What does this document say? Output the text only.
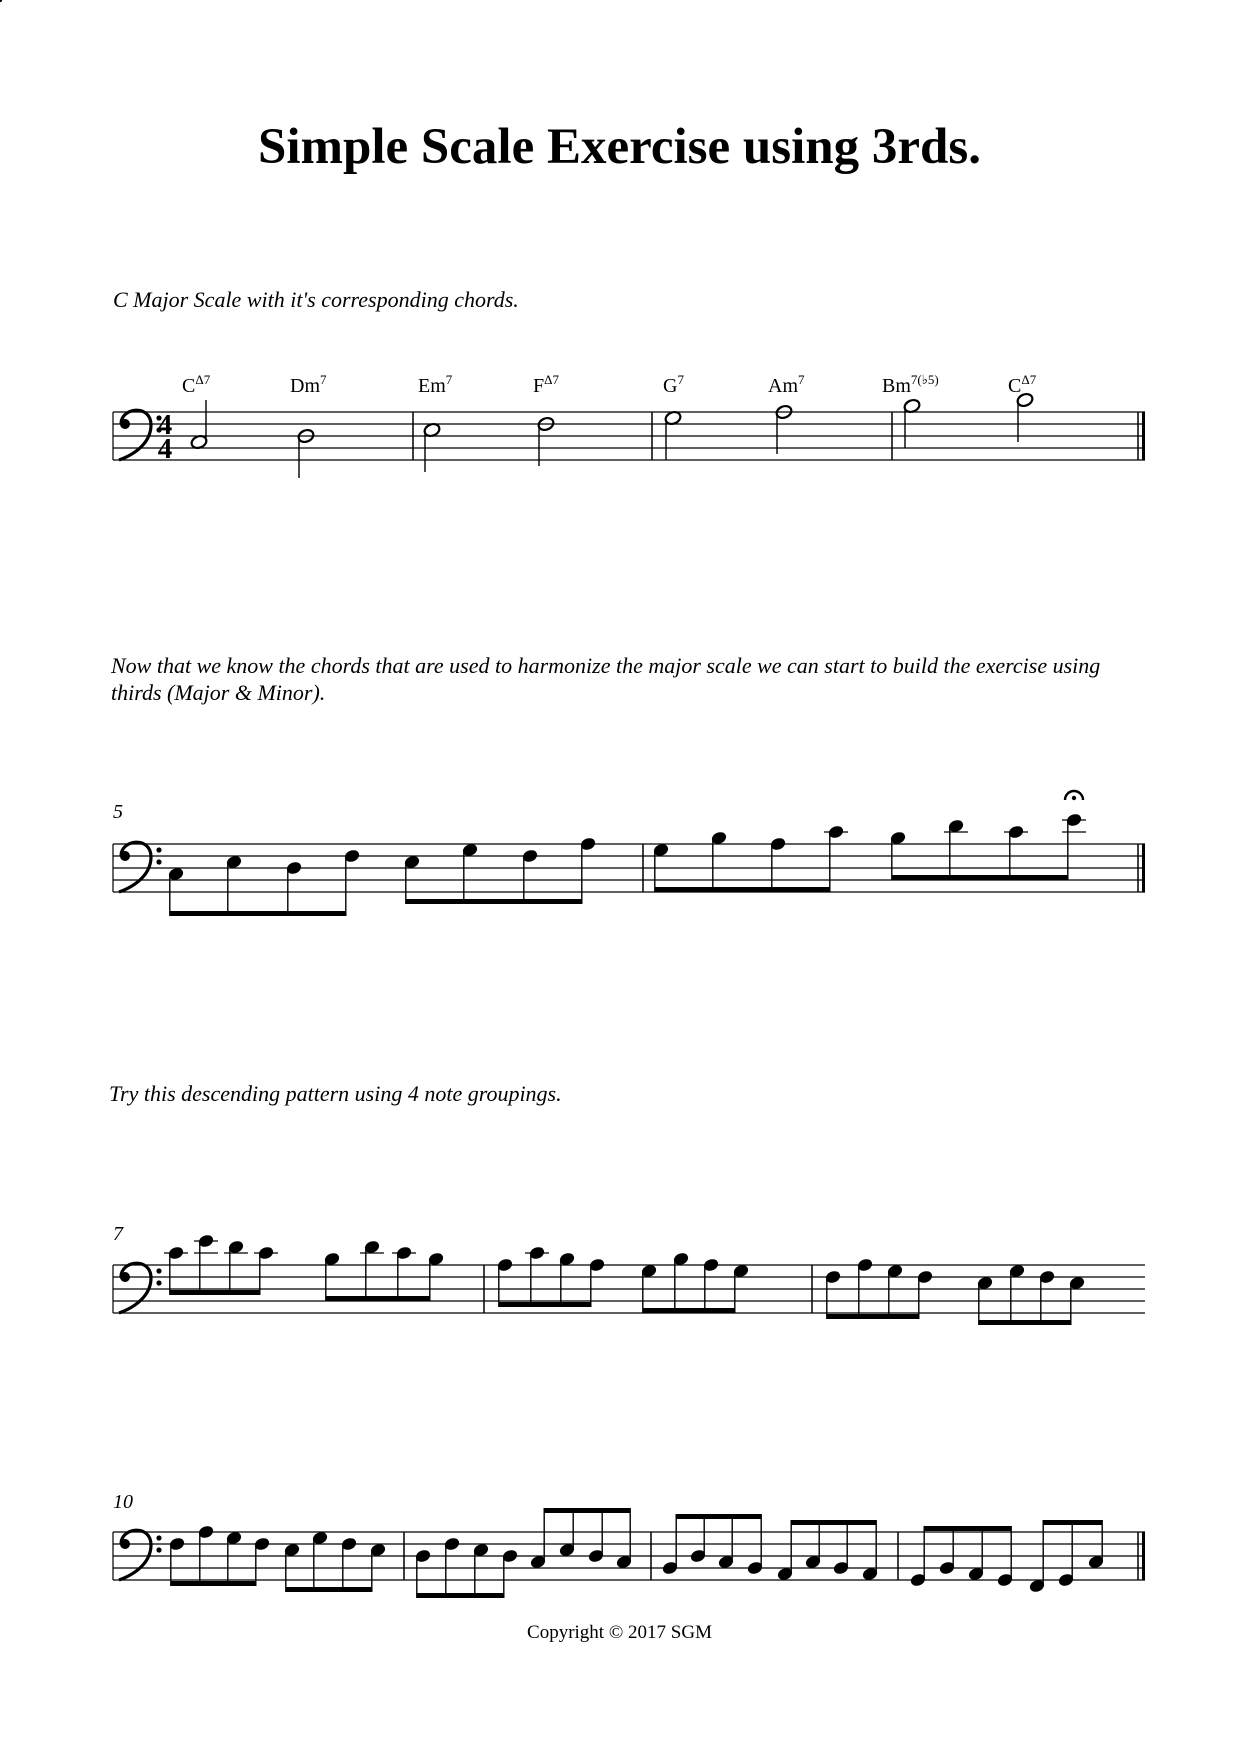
Simple Scale Exercise using 3rds.

C Major Scale with it's corresponding chords.

Now that we know the chords that are used to harmonize the major scale we can start to build the exercise using thirds (Major & Minor).

Try this descending pattern using 4 note groupings.

4
4
$C^{\Delta 7}$	Dm$^7$	Em$^7$	$F^{\Delta 7}$	$G^7$	Am$^7$	$Bm^{7(♭5)}$	$C^{\Delta 7}$
5
7
10
Copyright © 2017 SGM
